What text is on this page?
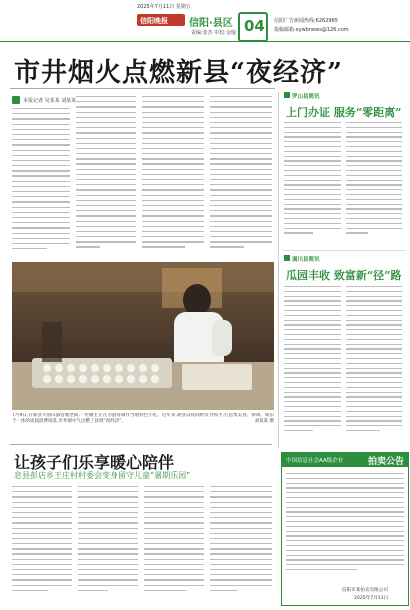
2025年7月11日 星期五
信阳晚报 信阳·县区
责编:张杰 审校:金璇 04 信阳广告新闻热线:6262965
投稿邮箱:xywbnews@126.com
市井烟火点燃新县“夜经济”
本报记者 吴某某 刘某某
7月9日,在新县大别山露营地老街,一位摊主正在为游客制作当地特色小吃。近年来,新县以夜间经济为抓手,打造集美食、休闲、娱乐于一体的夜间消费场景,市井烟火气点燃了县域“夜经济”。	刘某某 摄
罗山县简讯
上门办证 服务“零距离”
潢川县简讯
瓜园丰收 致富新“径”路
让孩子们乐享暖心陪伴
息县彭店乡王庄村村委会变身留守儿童“暑期乐园”
中国信息社会AA级企业	拍卖公告
信阳市某拍卖有限公司
2025年7月11日
